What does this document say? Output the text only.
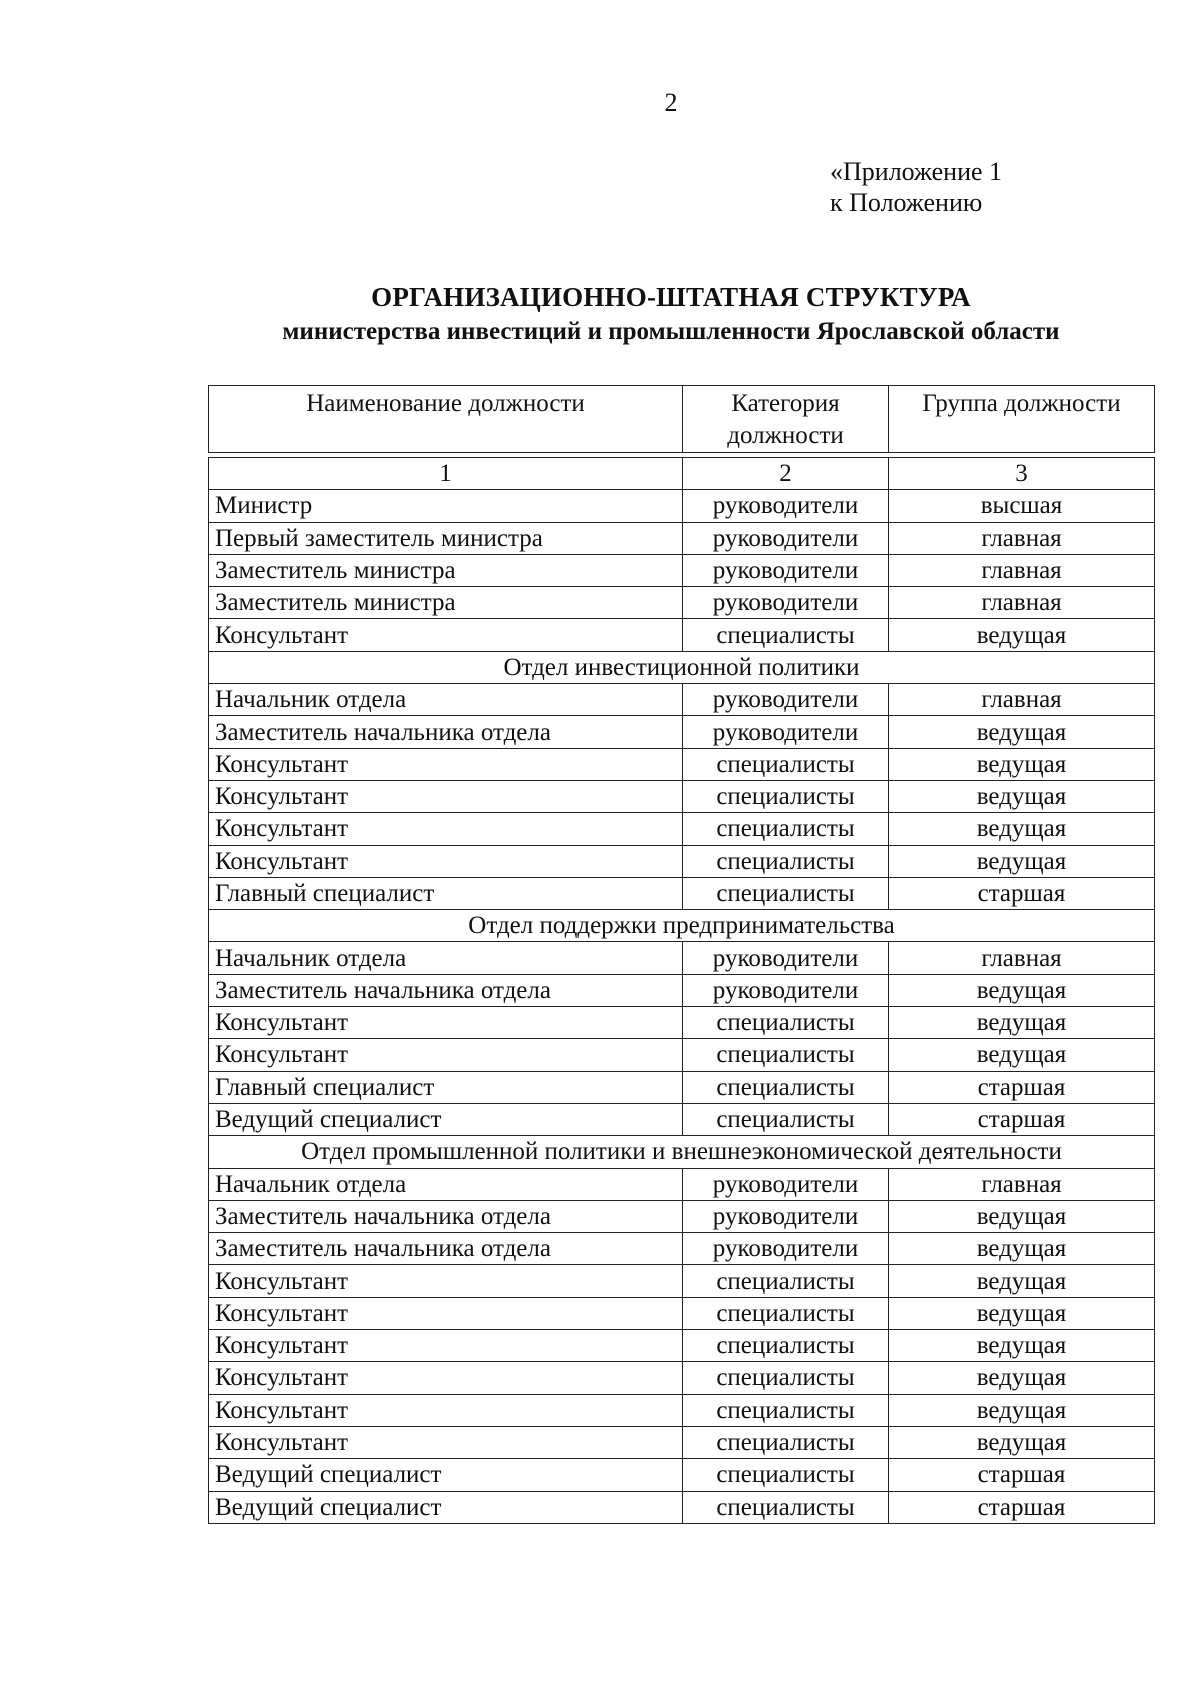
2
«Приложение 1
к Положению
ОРГАНИЗАЦИОННО-ШТАТНАЯ СТРУКТУРА
министерства инвестиций и промышленности Ярославской области
Наименование должности	Категория должности	Группа должности

1	2	3
Министр	руководители	высшая
Первый заместитель министра	руководители	главная
Заместитель министра	руководители	главная
Заместитель министра	руководители	главная
Консультант	специалисты	ведущая
Отдел инвестиционной политики		
Начальник отдела	руководители	главная
Заместитель начальника отдела	руководители	ведущая
Консультант	специалисты	ведущая
Консультант	специалисты	ведущая
Консультант	специалисты	ведущая
Консультант	специалисты	ведущая
Главный специалист	специалисты	старшая
Отдел поддержки предпринимательства		
Начальник отдела	руководители	главная
Заместитель начальника отдела	руководители	ведущая
Консультант	специалисты	ведущая
Консультант	специалисты	ведущая
Главный специалист	специалисты	старшая
Ведущий специалист	специалисты	старшая
Отдел промышленной политики и внешнеэкономической деятельности		
Начальник отдела	руководители	главная
Заместитель начальника отдела	руководители	ведущая
Заместитель начальника отдела	руководители	ведущая
Консультант	специалисты	ведущая
Консультант	специалисты	ведущая
Консультант	специалисты	ведущая
Консультант	специалисты	ведущая
Консультант	специалисты	ведущая
Консультант	специалисты	ведущая
Ведущий специалист	специалисты	старшая
Ведущий специалист	специалисты	старшая
